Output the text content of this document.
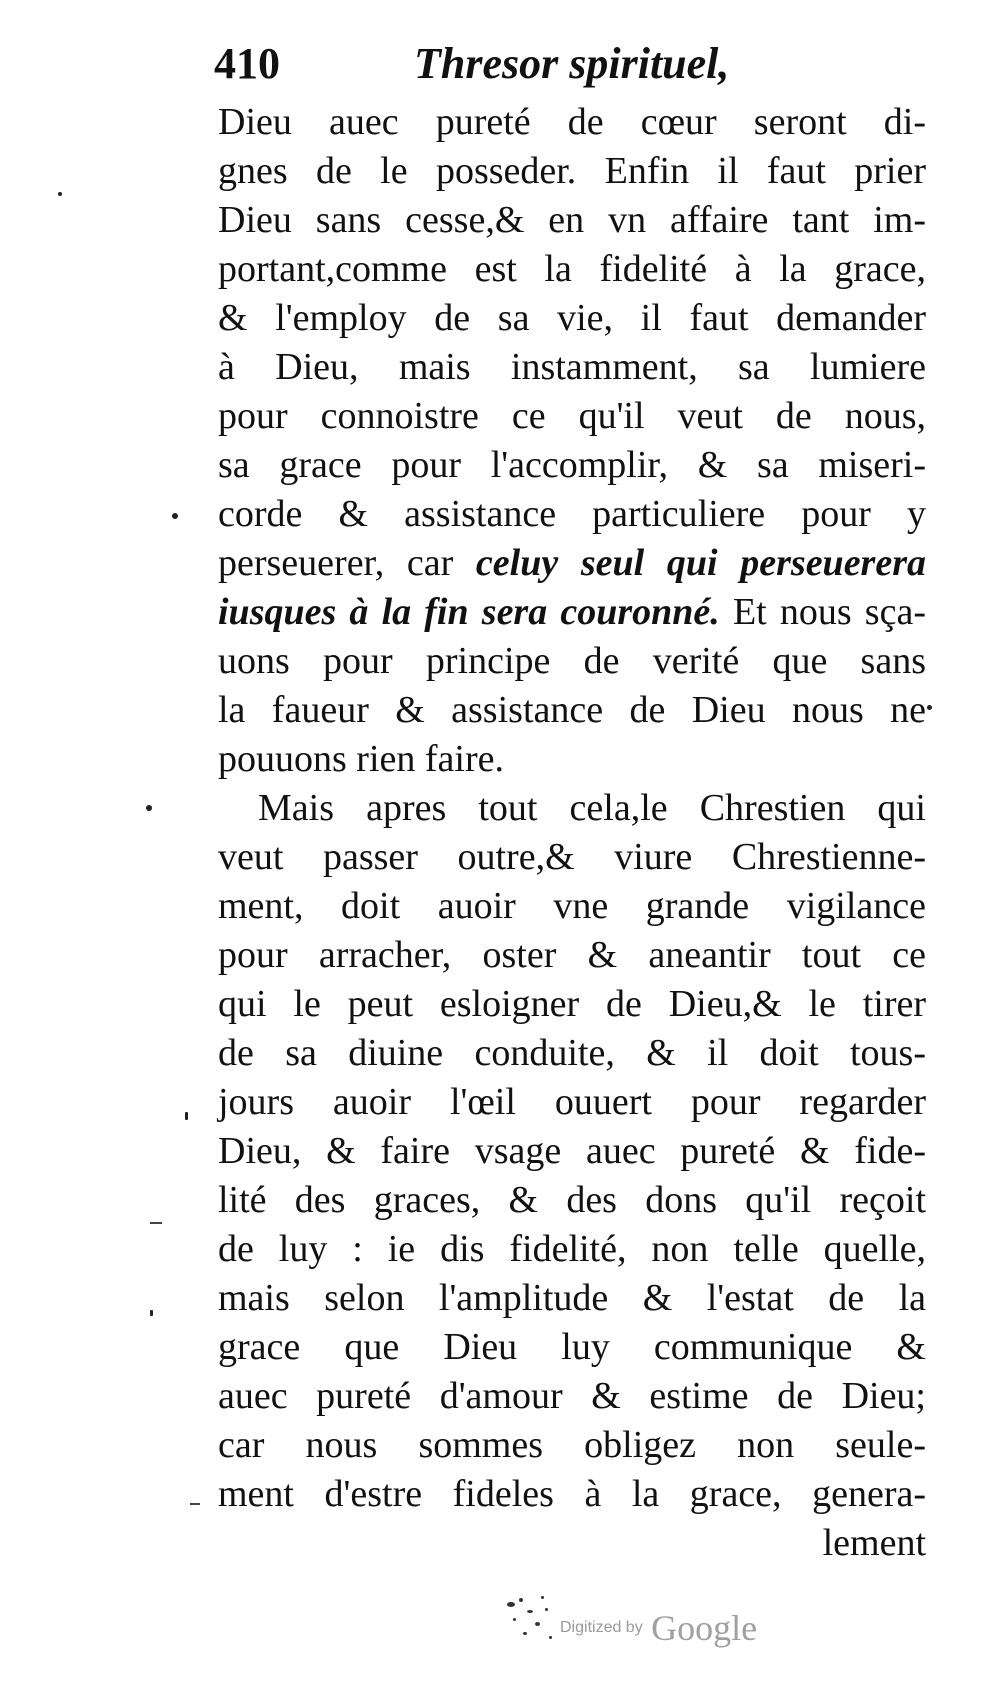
410	Thresor spirituel,
Dieu auec pureté de cœur seront di-
gnes de le posseder. Enfin il faut prier
Dieu sans cesse,& en vn affaire tant im-
portant,comme est la fidelité à la grace,
& l'employ de sa vie, il faut demander
à Dieu, mais instamment, sa lumiere
pour connoistre ce qu'il veut de nous,
sa grace pour l'accomplir, & sa miseri-
corde & assistance particuliere pour y
perseuerer, car celuy seul qui perseuerera
iusques à la fin sera couronné. Et nous sça-
uons pour principe de verité que sans
la faueur & assistance de Dieu nous ne
pouuons rien faire.
Mais apres tout cela,le Chrestien qui
veut passer outre,& viure Chrestienne-
ment, doit auoir vne grande vigilance
pour arracher, oster & aneantir tout ce
qui le peut esloigner de Dieu,& le tirer
de sa diuine conduite, & il doit tous-
jours auoir l'œil ouuert pour regarder
Dieu, & faire vsage auec pureté & fide-
lité des graces, & des dons qu'il reçoit
de luy : ie dis fidelité, non telle quelle,
mais selon l'amplitude & l'estat de la
grace que Dieu luy communique &
auec pureté d'amour & estime de Dieu;
car nous sommes obligez non seule-
ment d'estre fideles à la grace, genera-
lement
Digitized by Google
